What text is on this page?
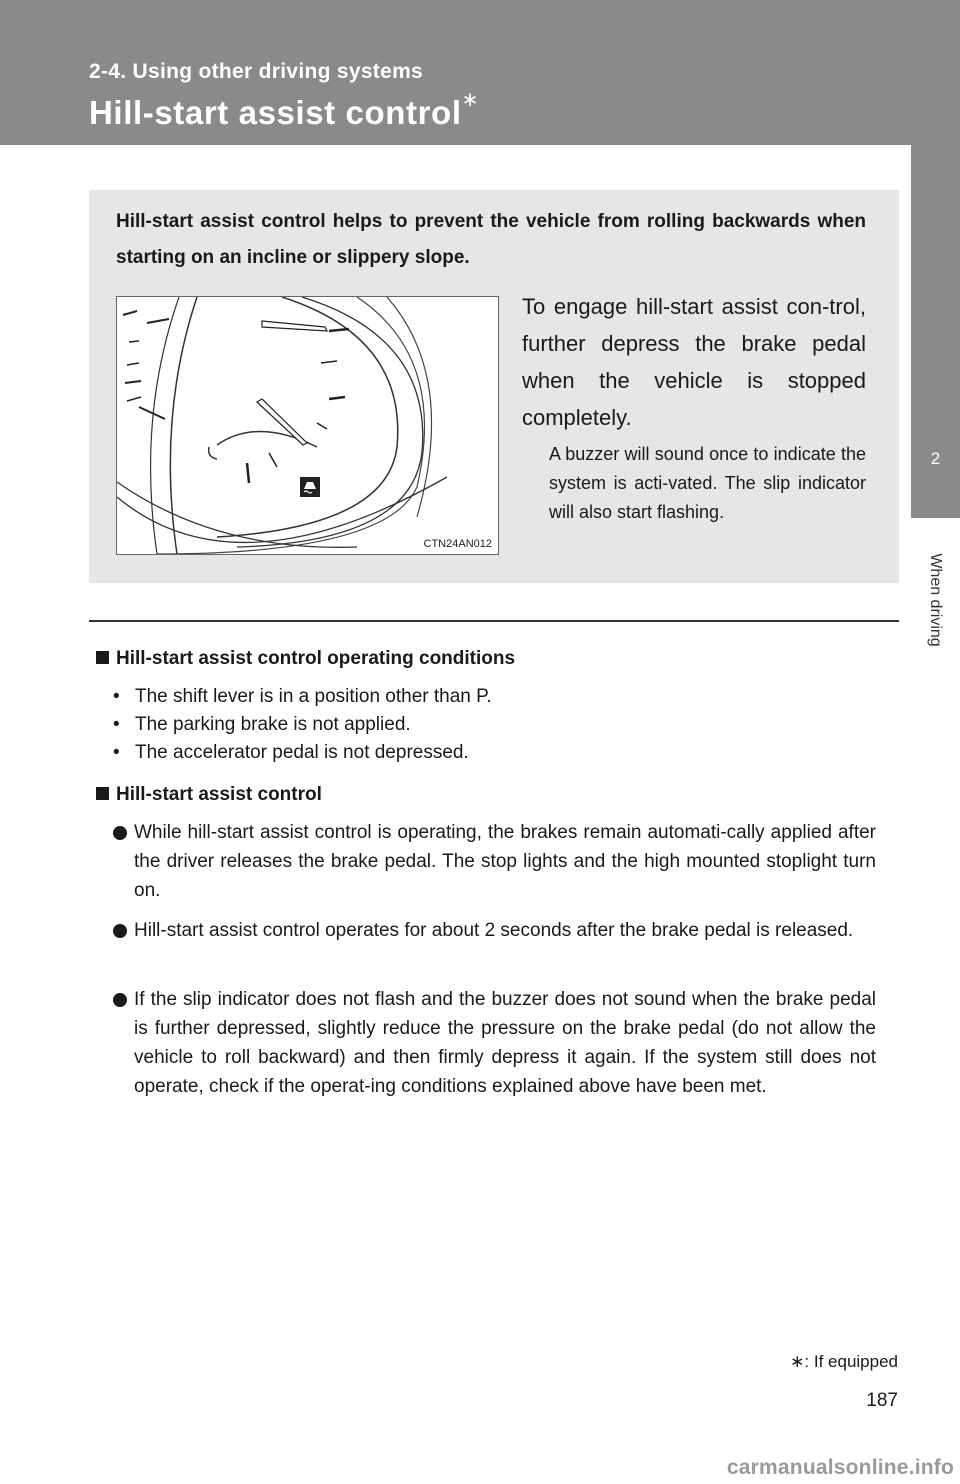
2-4. Using other driving systems
Hill-start assist control∗
2
When driving
Hill-start assist control helps to prevent the vehicle from rolling backwards when starting on an incline or slippery slope.
CTN24AN012
To engage hill-start assist con-trol, further depress the brake pedal when the vehicle is stopped completely.
A buzzer will sound once to indicate the system is acti-vated. The slip indicator will also start flashing.
Hill-start assist control operating conditions
• The shift lever is in a position other than P.
• The parking brake is not applied.
• The accelerator pedal is not depressed.
Hill-start assist control
While hill-start assist control is operating, the brakes remain automati-cally applied after the driver releases the brake pedal. The stop lights and the high mounted stoplight turn on.
Hill-start assist control operates for about 2 seconds after the brake pedal is released.
If the slip indicator does not flash and the buzzer does not sound when the brake pedal is further depressed, slightly reduce the pressure on the brake pedal (do not allow the vehicle to roll backward) and then firmly depress it again. If the system still does not operate, check if the operat-ing conditions explained above have been met.
∗: If equipped
187
carmanualsonline.info
